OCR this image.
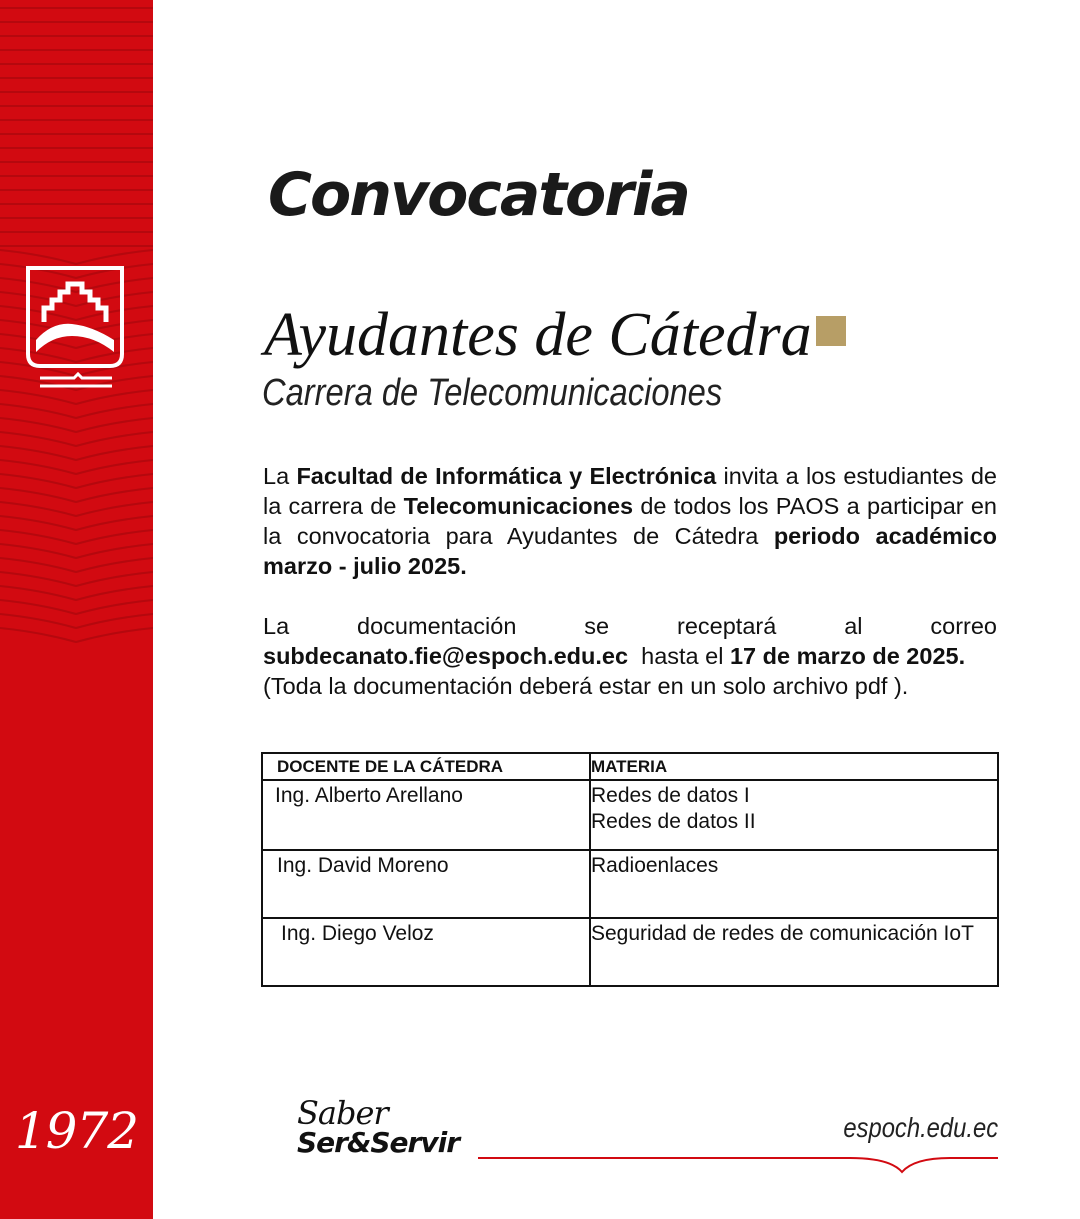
1972
Convocatoria
Ayudantes de Cátedra
Carrera de Telecomunicaciones
La Facultad de Informática y Electrónica invita a los estudiantes de la carrera de Telecomunicaciones de todos los PAOS a participar en la convocatoria para Ayudantes de Cátedra periodo académico marzo - julio 2025.
La documentación se receptará al correo
subdecanato.fie@espoch.edu.ec  hasta el 17 de marzo de 2025.
(Toda la documentación deberá estar en un solo archivo pdf ).
DOCENTE DE LA CÁTEDRA	MATERIA
Ing. Alberto Arellano	Redes de datos I
Redes de datos II

Ing. David Moreno	Radioenlaces
Ing. Diego Veloz	Seguridad de redes de comunicación IoT
Saber
Ser&Servir	espoch.edu.ec
